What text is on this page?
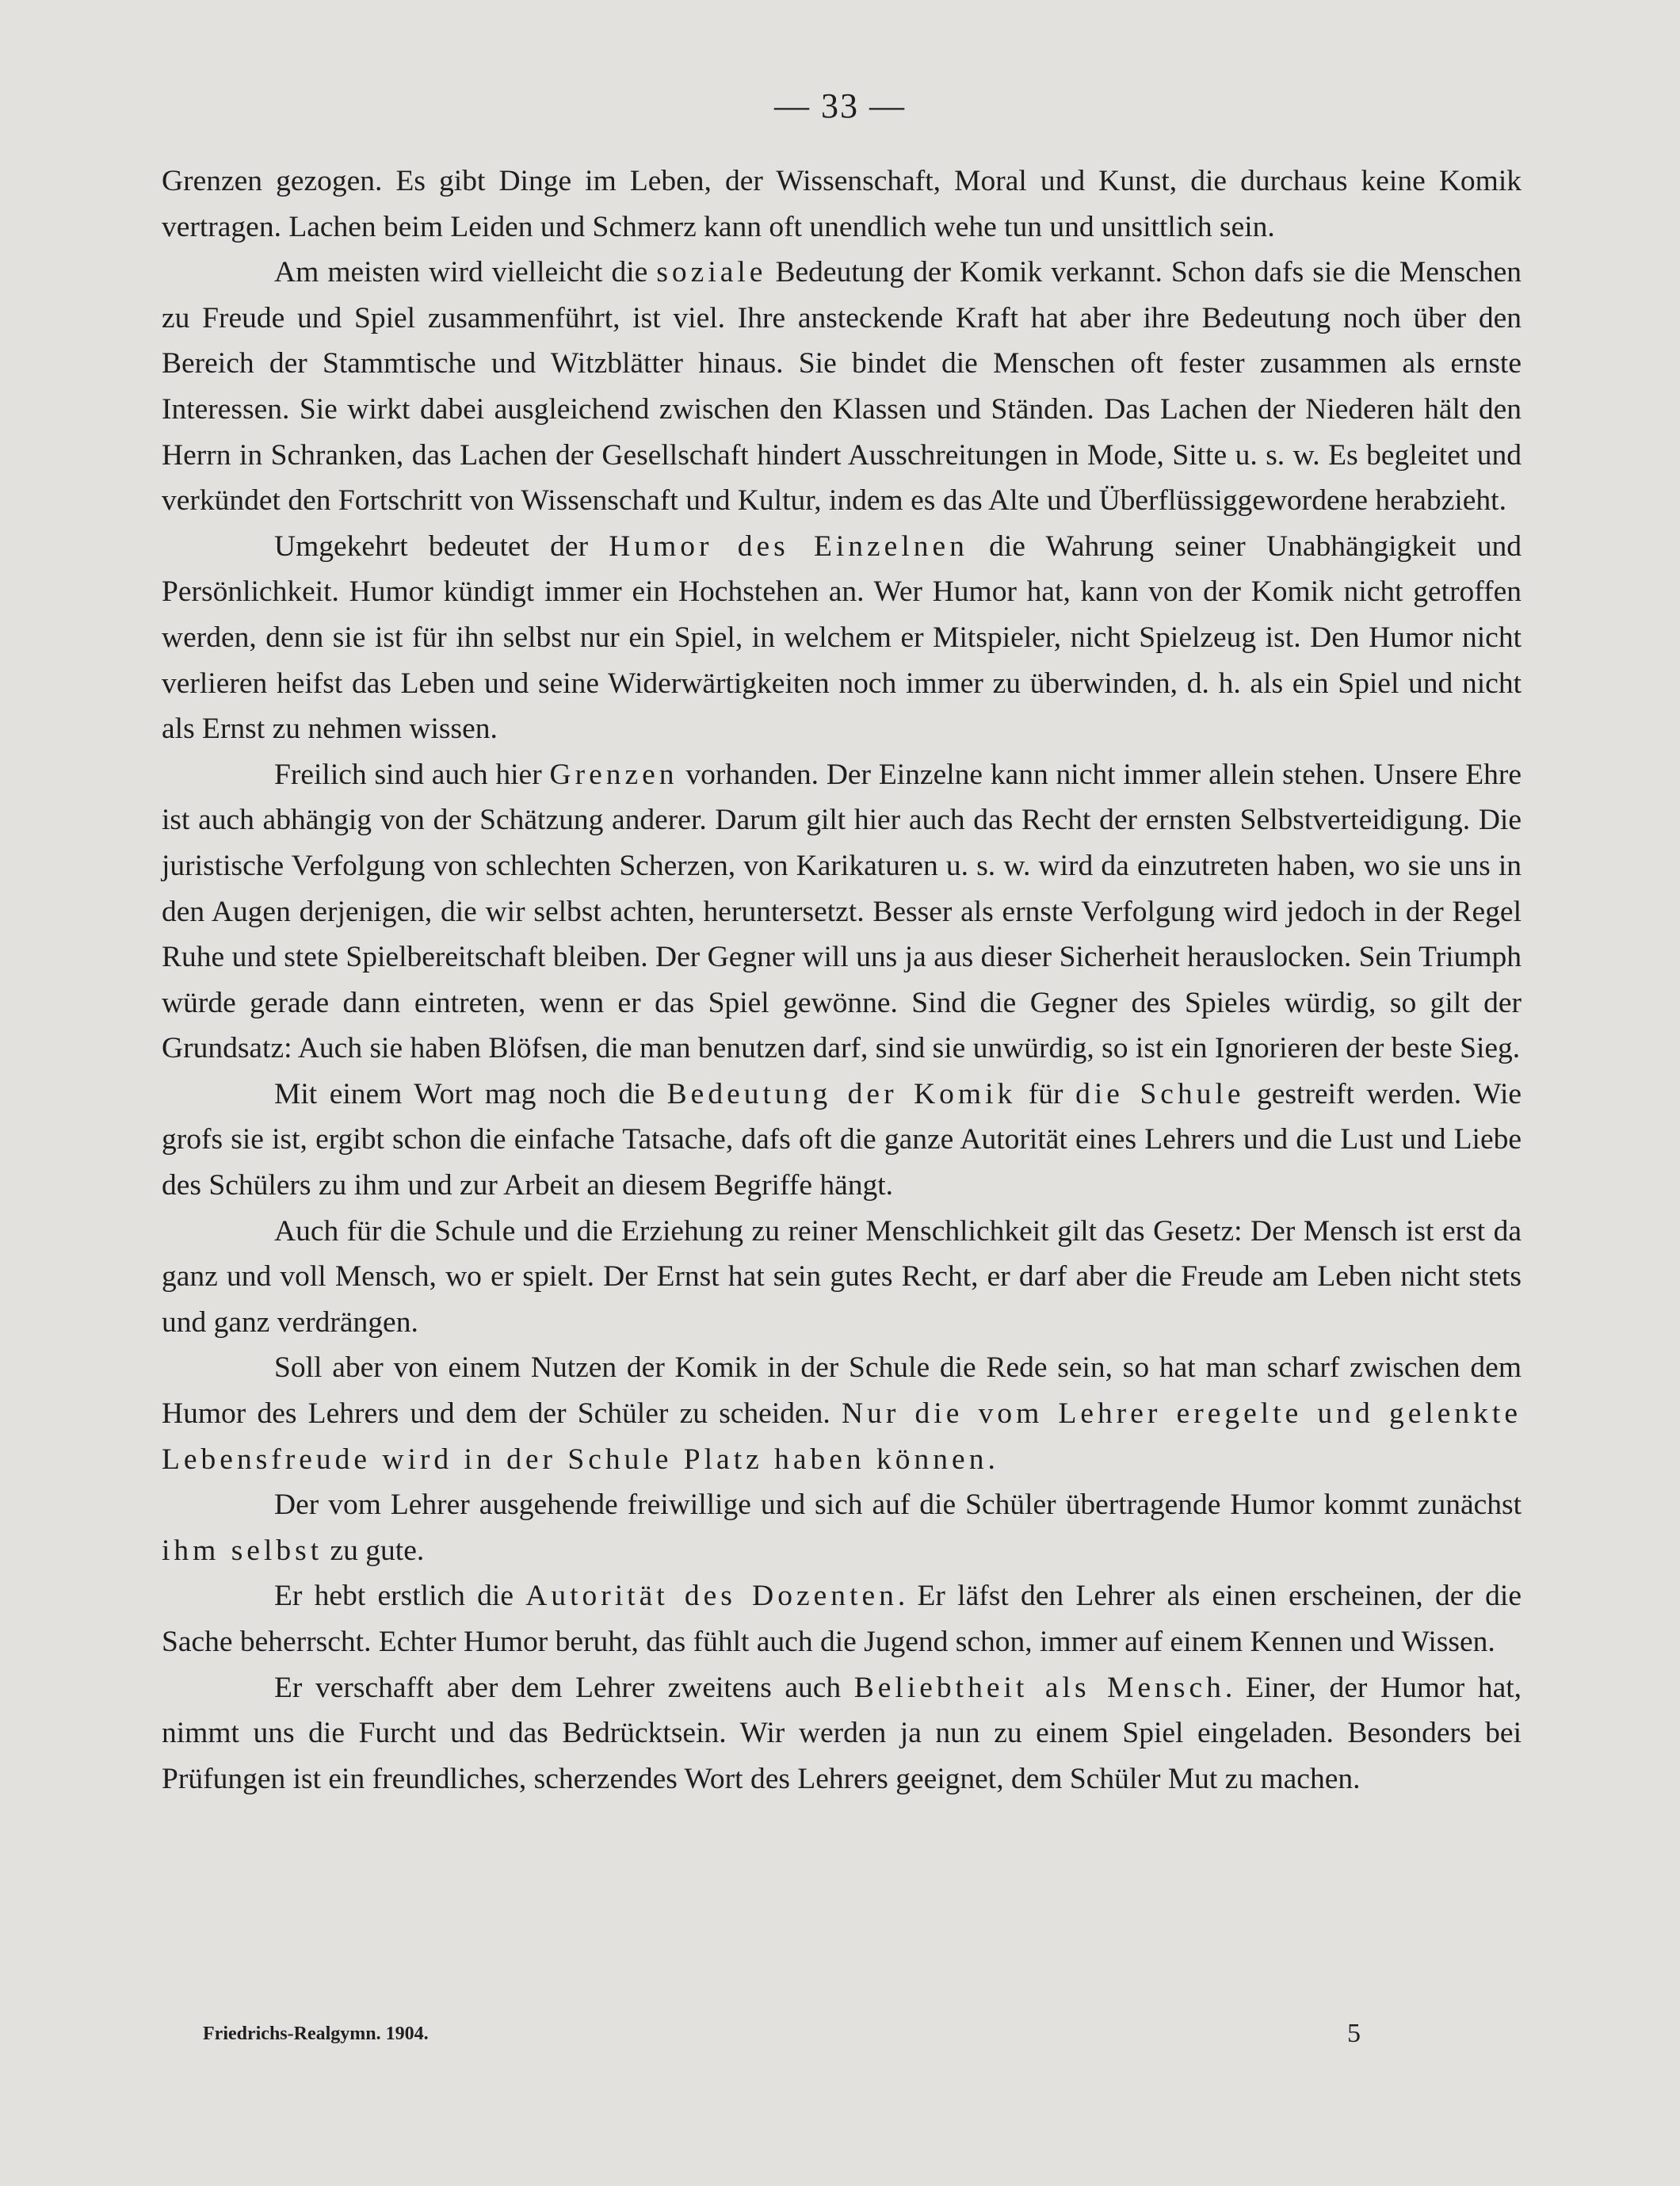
— 33 —

Grenzen gezogen. Es gibt Dinge im Leben, der Wissenschaft, Moral und Kunst, die durchaus keine Komik vertragen. Lachen beim Leiden und Schmerz kann oft unendlich wehe tun und unsittlich sein.

Am meisten wird vielleicht die soziale Bedeutung der Komik verkannt. Schon dafs sie die Menschen zu Freude und Spiel zusammenführt, ist viel. Ihre ansteckende Kraft hat aber ihre Bedeutung noch über den Bereich der Stammtische und Witzblätter hinaus. Sie bindet die Menschen oft fester zusammen als ernste Interessen. Sie wirkt dabei ausgleichend zwischen den Klassen und Ständen. Das Lachen der Niederen hält den Herrn in Schranken, das Lachen der Gesellschaft hindert Ausschreitungen in Mode, Sitte u. s. w. Es begleitet und verkündet den Fortschritt von Wissenschaft und Kultur, indem es das Alte und Überflüssiggewordene herabzieht.

Umgekehrt bedeutet der Humor des Einzelnen die Wahrung seiner Unabhängigkeit und Persönlichkeit. Humor kündigt immer ein Hochstehen an. Wer Humor hat, kann von der Komik nicht getroffen werden, denn sie ist für ihn selbst nur ein Spiel, in welchem er Mitspieler, nicht Spielzeug ist. Den Humor nicht verlieren heifst das Leben und seine Widerwärtigkeiten noch immer zu überwinden, d. h. als ein Spiel und nicht als Ernst zu nehmen wissen.

Freilich sind auch hier Grenzen vorhanden. Der Einzelne kann nicht immer allein stehen. Unsere Ehre ist auch abhängig von der Schätzung anderer. Darum gilt hier auch das Recht der ernsten Selbstverteidigung. Die juristische Verfolgung von schlechten Scherzen, von Karikaturen u. s. w. wird da einzutreten haben, wo sie uns in den Augen derjenigen, die wir selbst achten, heruntersetzt. Besser als ernste Verfolgung wird jedoch in der Regel Ruhe und stete Spielbereitschaft bleiben. Der Gegner will uns ja aus dieser Sicherheit herauslocken. Sein Triumph würde gerade dann eintreten, wenn er das Spiel gewönne. Sind die Gegner des Spieles würdig, so gilt der Grundsatz: Auch sie haben Blöfsen, die man benutzen darf, sind sie unwürdig, so ist ein Ignorieren der beste Sieg.

Mit einem Wort mag noch die Bedeutung der Komik für die Schule gestreift werden. Wie grofs sie ist, ergibt schon die einfache Tatsache, dafs oft die ganze Autorität eines Lehrers und die Lust und Liebe des Schülers zu ihm und zur Arbeit an diesem Begriffe hängt.

Auch für die Schule und die Erziehung zu reiner Menschlichkeit gilt das Gesetz: Der Mensch ist erst da ganz und voll Mensch, wo er spielt. Der Ernst hat sein gutes Recht, er darf aber die Freude am Leben nicht stets und ganz verdrängen.

Soll aber von einem Nutzen der Komik in der Schule die Rede sein, so hat man scharf zwischen dem Humor des Lehrers und dem der Schüler zu scheiden. Nur die vom Lehrer eregelte und gelenkte Lebensfreude wird in der Schule Platz haben können.

Der vom Lehrer ausgehende freiwillige und sich auf die Schüler übertragende Humor kommt zunächst ihm selbst zu gute.

Er hebt erstlich die Autorität des Dozenten. Er läfst den Lehrer als einen erscheinen, der die Sache beherrscht. Echter Humor beruht, das fühlt auch die Jugend schon, immer auf einem Kennen und Wissen.

Er verschafft aber dem Lehrer zweitens auch Beliebtheit als Mensch. Einer, der Humor hat, nimmt uns die Furcht und das Bedrücktsein. Wir werden ja nun zu einem Spiel eingeladen. Besonders bei Prüfungen ist ein freundliches, scherzendes Wort des Lehrers geeignet, dem Schüler Mut zu machen.

Friedrichs-Realgymn. 1904.	5
